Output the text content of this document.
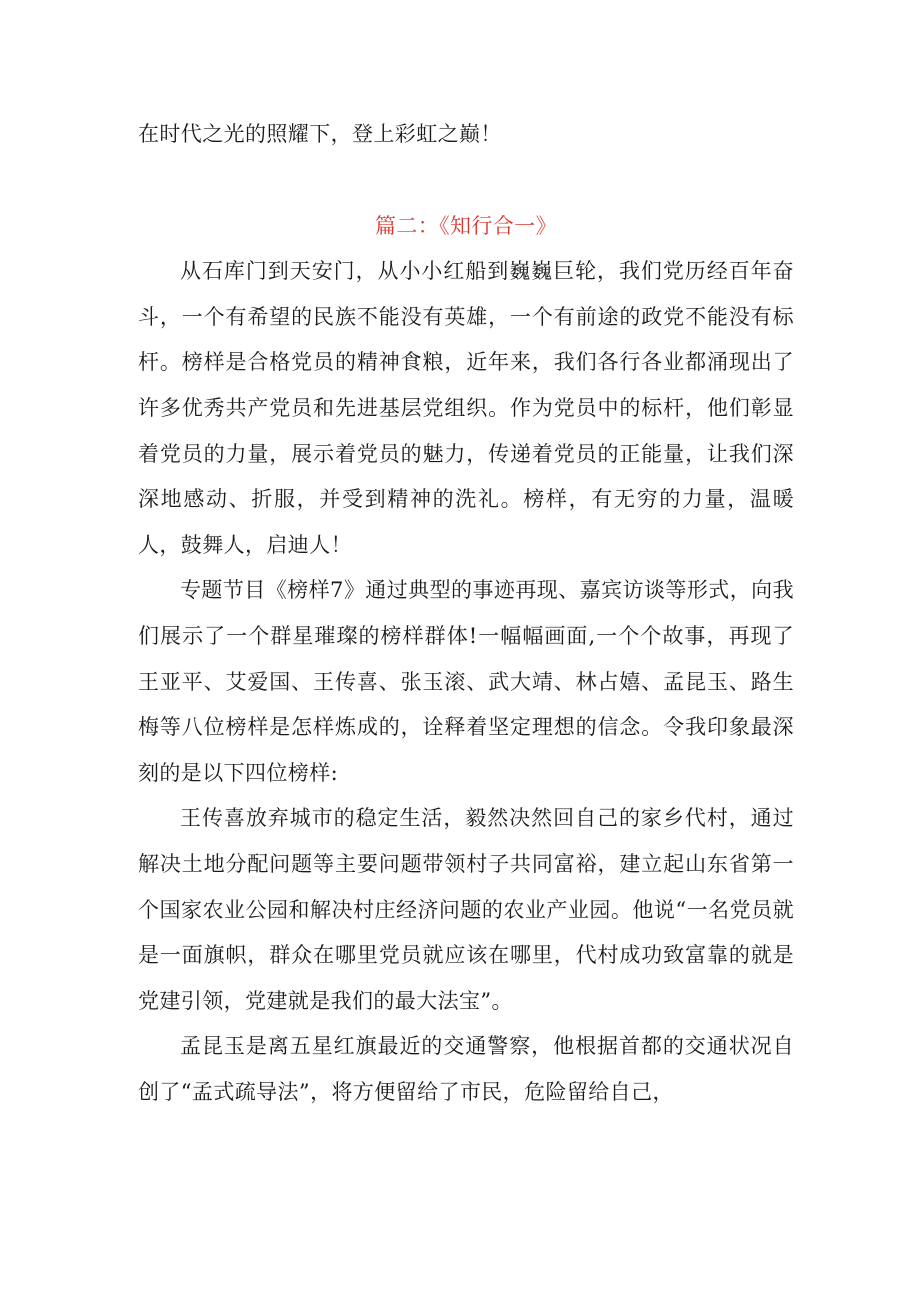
在时代之光的照耀下，登上彩虹之巅！

篇二：《知行合一》

从石库门到天安门，从小小红船到巍巍巨轮，我们党历经百年奋斗，一个有希望的民族不能没有英雄，一个有前途的政党不能没有标杆。榜样是合格党员的精神食粮，近年来，我们各行各业都涌现出了许多优秀共产党员和先进基层党组织。作为党员中的标杆，他们彰显着党员的力量，展示着党员的魅力，传递着党员的正能量，让我们深深地感动、折服，并受到精神的洗礼。榜样，有无穷的力量，温暖人，鼓舞人，启迪人！

专题节目《榜样7》通过典型的事迹再现、嘉宾访谈等形式，向我们展示了一个群星璀璨的榜样群体!一幅幅画面,一个个故事，再现了王亚平、艾爱国、王传喜、张玉滚、武大靖、林占嬉、孟昆玉、路生梅等八位榜样是怎样炼成的，诠释着坚定理想的信念。令我印象最深刻的是以下四位榜样:

王传喜放弃城市的稳定生活，毅然决然回自己的家乡代村，通过解决土地分配问题等主要问题带领村子共同富裕，建立起山东省第一个国家农业公园和解决村庄经济问题的农业产业园。他说“一名党员就是一面旗帜，群众在哪里党员就应该在哪里，代村成功致富靠的就是党建引领，党建就是我们的最大法宝”。

孟昆玉是离五星红旗最近的交通警察，他根据首都的交通状况自创了“孟式疏导法”，将方便留给了市民，危险留给自己，
